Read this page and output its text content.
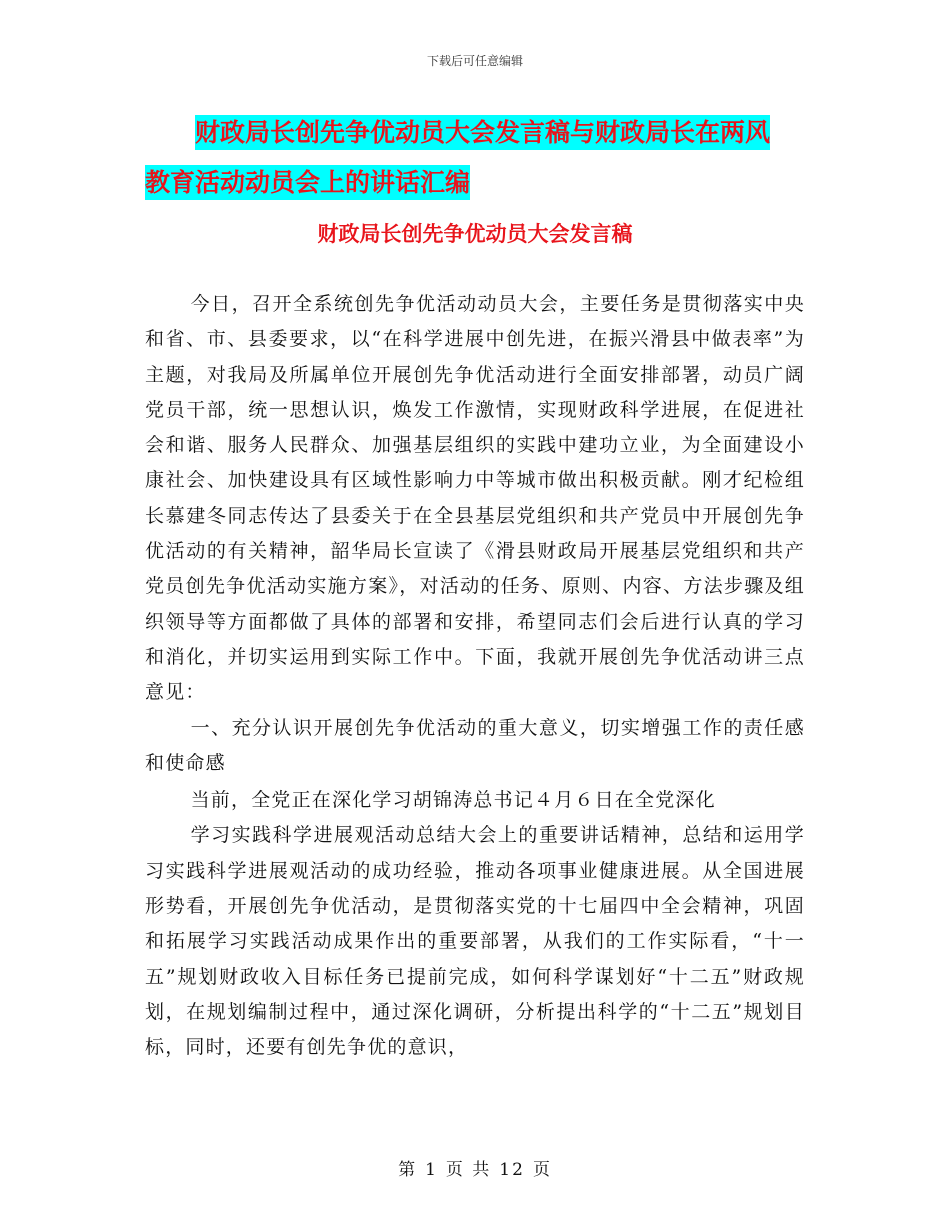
下载后可任意编辑
财政局长创先争优动员大会发言稿与财政局长在两风
教育活动动员会上的讲话汇编
财政局长创先争优动员大会发言稿

今日，召开全系统创先争优活动动员大会，主要任务是贯彻落实中央和省、市、县委要求，以“在科学进展中创先进，在振兴滑县中做表率”为主题，对我局及所属单位开展创先争优活动进行全面安排部署，动员广阔党员干部，统一思想认识，焕发工作激情，实现财政科学进展，在促进社会和谐、服务人民群众、加强基层组织的实践中建功立业，为全面建设小康社会、加快建设具有区域性影响力中等城市做出积极贡献。刚才纪检组长慕建冬同志传达了县委关于在全县基层党组织和共产党员中开展创先争优活动的有关精神，韶华局长宣读了《滑县财政局开展基层党组织和共产党员创先争优活动实施方案》，对活动的任务、原则、内容、方法步骤及组织领导等方面都做了具体的部署和安排，希望同志们会后进行认真的学习和消化，并切实运用到实际工作中。下面，我就开展创先争优活动讲三点意见：

一、充分认识开展创先争优活动的重大意义，切实增强工作的责任感和使命感

当前，全党正在深化学习胡锦涛总书记４月６日在全党深化

学习实践科学进展观活动总结大会上的重要讲话精神，总结和运用学习实践科学进展观活动的成功经验，推动各项事业健康进展。从全国进展形势看，开展创先争优活动，是贯彻落实党的十七届四中全会精神，巩固和拓展学习实践活动成果作出的重要部署，从我们的工作实际看，“十一五”规划财政收入目标任务已提前完成，如何科学谋划好“十二五”财政规划，在规划编制过程中，通过深化调研，分析提出科学的“十二五”规划目标，同时，还要有创先争优的意识，

第 1 页 共 12 页
